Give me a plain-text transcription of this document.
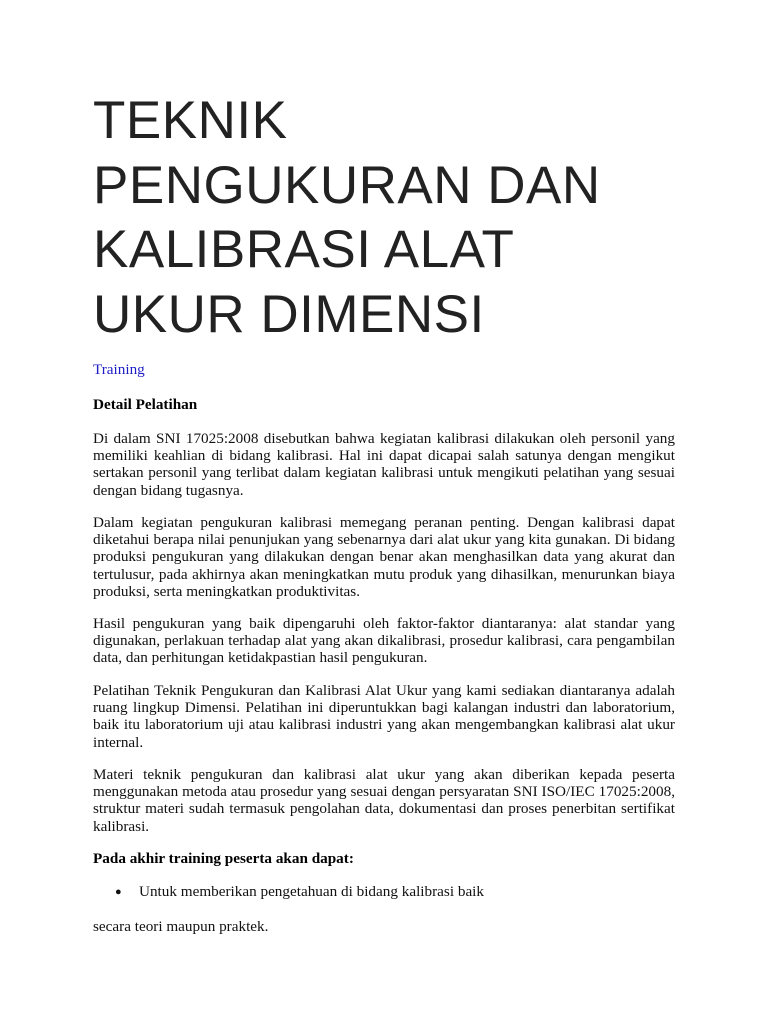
TEKNIK
PENGUKURAN DAN
KALIBRASI ALAT
UKUR DIMENSI
Training
Detail Pelatihan

Di dalam SNI 17025:2008 disebutkan bahwa kegiatan kalibrasi dilakukan oleh personil yang memiliki keahlian di bidang kalibrasi. Hal ini dapat dicapai salah satunya dengan mengikut sertakan personil yang terlibat dalam kegiatan kalibrasi untuk mengikuti pelatihan yang sesuai dengan bidang tugasnya.

Dalam kegiatan pengukuran kalibrasi memegang peranan penting. Dengan kalibrasi dapat diketahui berapa nilai penunjukan yang sebenarnya dari alat ukur yang kita gunakan. Di bidang produksi pengukuran yang dilakukan dengan benar akan menghasilkan data yang akurat dan tertulusur, pada akhirnya akan meningkatkan mutu produk yang dihasilkan, menurunkan biaya produksi, serta meningkatkan produktivitas.

Hasil pengukuran yang baik dipengaruhi oleh faktor-faktor diantaranya: alat standar yang digunakan, perlakuan terhadap alat yang akan dikalibrasi, prosedur kalibrasi, cara pengambilan data, dan perhitungan ketidakpastian hasil pengukuran.

Pelatihan Teknik Pengukuran dan Kalibrasi Alat Ukur yang kami sediakan diantaranya adalah ruang lingkup Dimensi. Pelatihan ini diperuntukkan bagi kalangan industri dan laboratorium, baik itu laboratorium uji atau kalibrasi industri yang akan mengembangkan kalibrasi alat ukur internal.

Materi teknik pengukuran dan kalibrasi alat ukur yang akan diberikan kepada peserta menggunakan metoda atau prosedur yang sesuai dengan persyaratan SNI ISO/IEC 17025:2008, struktur materi sudah termasuk pengolahan data, dokumentasi dan proses penerbitan sertifikat kalibrasi.

Pada akhir training peserta akan dapat:
● Untuk memberikan pengetahuan di bidang kalibrasi baik
secara teori maupun praktek.
